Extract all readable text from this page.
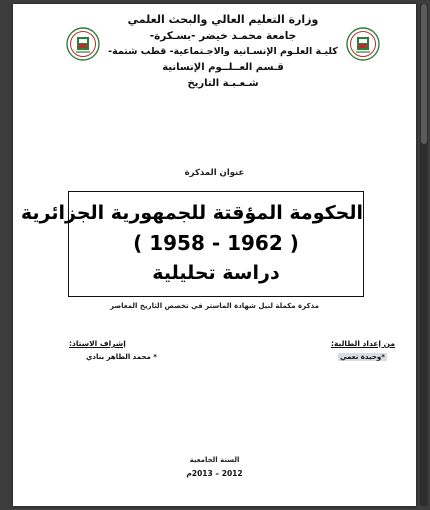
وزارة التعليم العالي والبحث العلمي
جامعة محمـد خيضر -بسـكرة-
كليـة العلـوم الإنسـانية والاجـتماعية- قطب شتمة-
قـسم العــلــوم الإنسانية
شـعـبـة التاريخ
عنوان المذكرة
الحكومة المؤقتة للجمهورية الجزائرية
( 1958 - 1962 )
دراسة تحليلية
مذكرة مكملة لنيل شهادة الماستر في تخصص التاريخ المعاصر
من إعداد الطالبة:
*وحيدة نعمي
إشراف الاستاذ:
* محمد الطاهر بنادي
السنة الجامعية
2012 – 2013م
